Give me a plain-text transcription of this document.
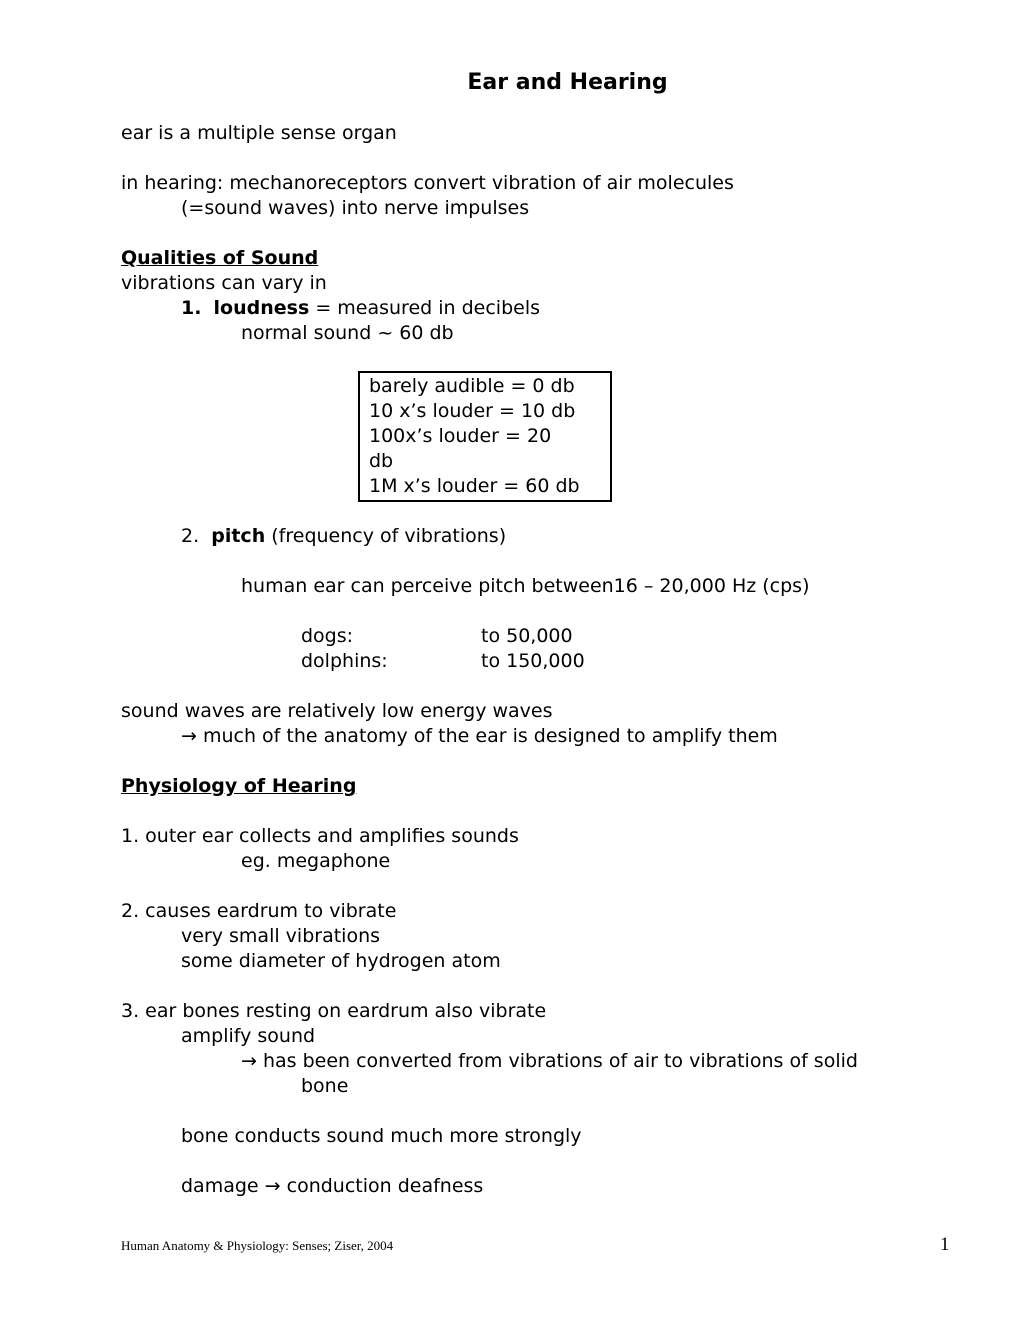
Ear and Hearing
ear is a multiple sense organ
in hearing: mechanoreceptors convert vibration of air molecules
(=sound waves) into nerve impulses
Qualities of Sound
vibrations can vary in
1. loudness = measured in decibels
normal sound ~ 60 db
barely audible = 0 db
10 x’s louder = 10 db
100x’s louder = 20
db
1M x’s louder = 60 db
2. pitch (frequency of vibrations)
human ear can perceive pitch between16 – 20,000 Hz (cps)
dogs:	to 50,000
dolphins:	to 150,000
sound waves are relatively low energy waves
→ much of the anatomy of the ear is designed to amplify them
Physiology of Hearing
1. outer ear collects and amplifies sounds
eg. megaphone
2. causes eardrum to vibrate
very small vibrations
some diameter of hydrogen atom
3. ear bones resting on eardrum also vibrate
amplify sound
→ has been converted from vibrations of air to vibrations of solid
bone
bone conducts sound much more strongly
damage → conduction deafness
Human Anatomy & Physiology: Senses; Ziser, 2004	1
